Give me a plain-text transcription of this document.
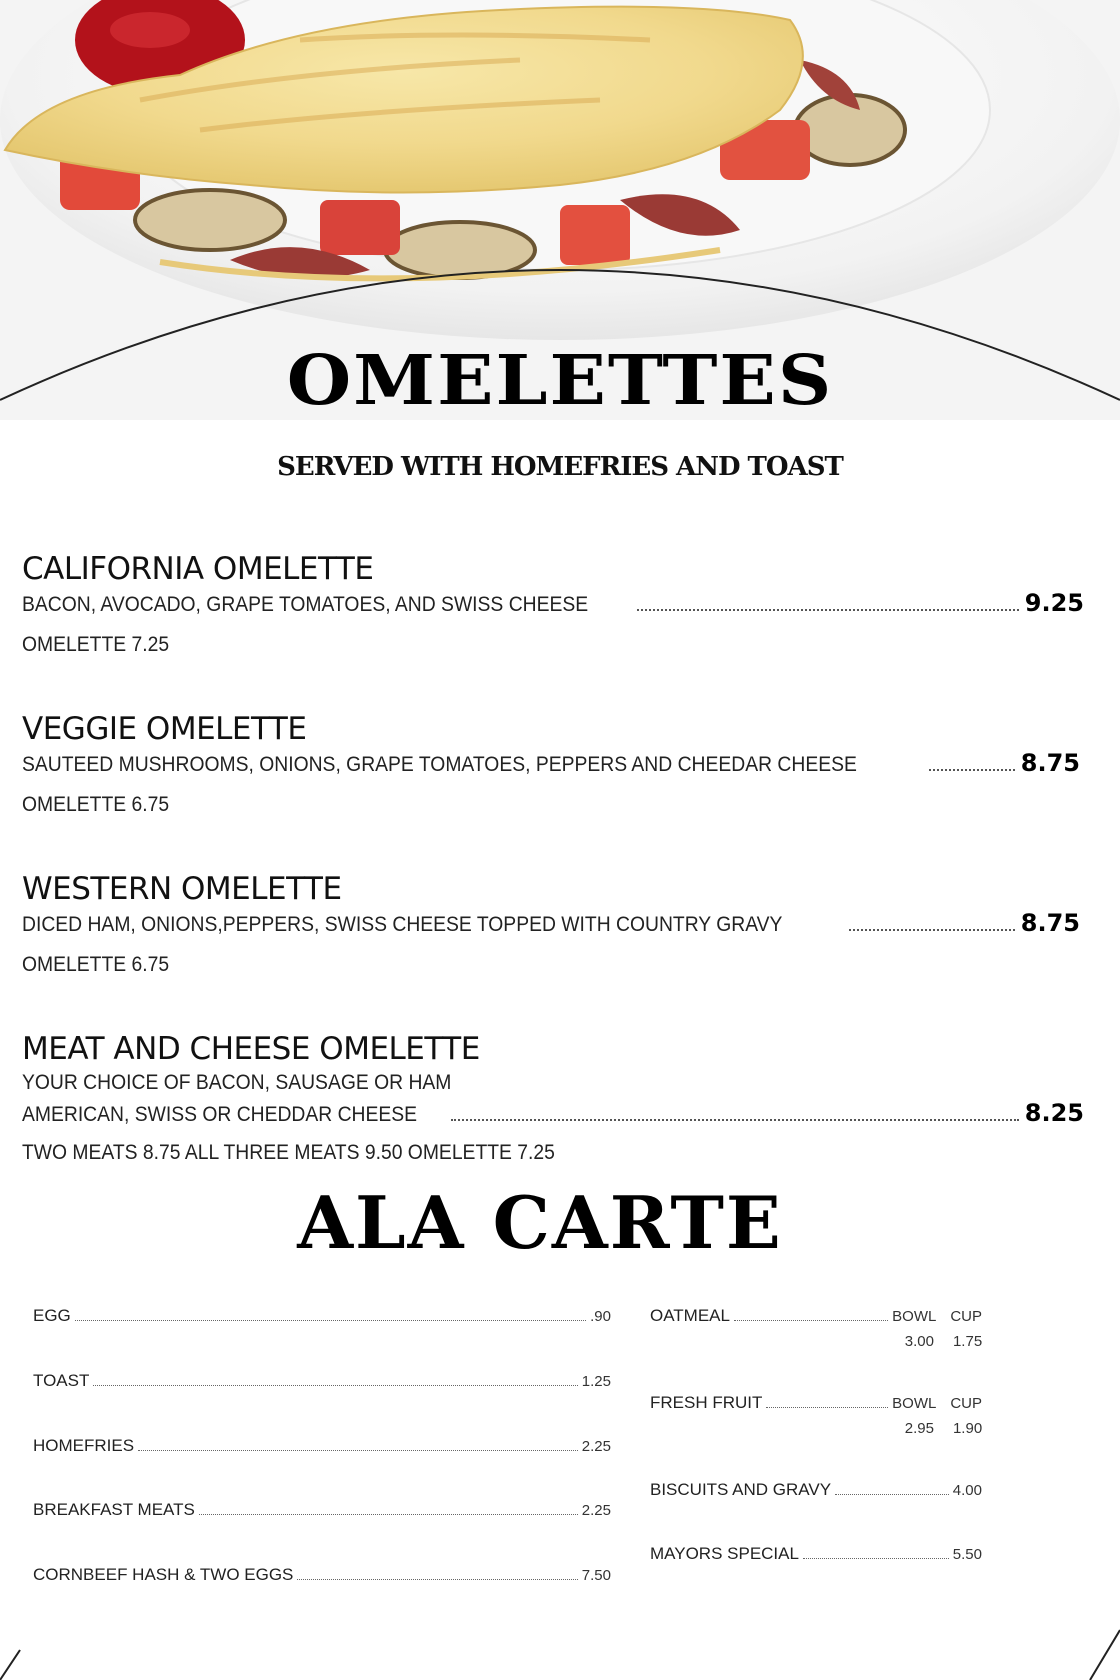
OMELETTES
SERVED WITH HOMEFRIES AND TOAST
CALIFORNIA OMELETTE
BACON, AVOCADO, GRAPE TOMATOES, AND SWISS CHEESE	9.25
OMELETTE 7.25
VEGGIE OMELETTE
SAUTEED MUSHROOMS, ONIONS, GRAPE TOMATOES, PEPPERS AND CHEEDAR CHEESE	8.75
OMELETTE 6.75
WESTERN OMELETTE
DICED HAM, ONIONS,PEPPERS, SWISS CHEESE TOPPED WITH COUNTRY GRAVY	8.75
OMELETTE 6.75
MEAT AND CHEESE OMELETTE
YOUR CHOICE OF BACON, SAUSAGE OR HAM
AMERICAN, SWISS OR CHEDDAR CHEESE	8.25
TWO MEATS 8.75 ALL THREE MEATS 9.50 OMELETTE 7.25
ALA CARTE
EGG	.90
TOAST	1.25
HOMEFRIES	2.25
BREAKFAST MEATS	2.25
CORNBEEF HASH & TWO EGGS	7.50
OATMEAL	BOWL CUP
3.00 1.75
FRESH FRUIT	BOWL CUP
2.95 1.90
BISCUITS AND GRAVY	4.00
MAYORS SPECIAL	5.50
